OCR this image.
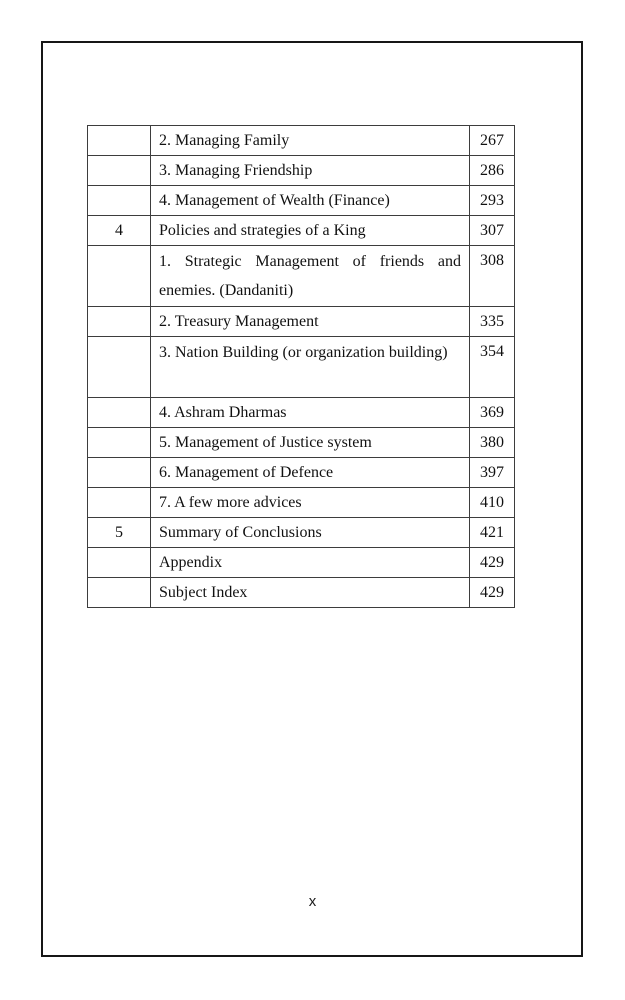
	2. Managing Family	267
	3. Managing Friendship	286
	4. Management of Wealth (Finance)	293
4	Policies and strategies of a King	307
	1. Strategic Management of friends and enemies. (Dandaniti)	308
	2. Treasury Management	335
	3. Nation Building (or organization building)	354
	4. Ashram Dharmas	369
	5. Management of Justice system	380
	6. Management of Defence	397
	7. A few more advices	410
5	Summary of Conclusions	421
	Appendix	429
	Subject Index	429
x
